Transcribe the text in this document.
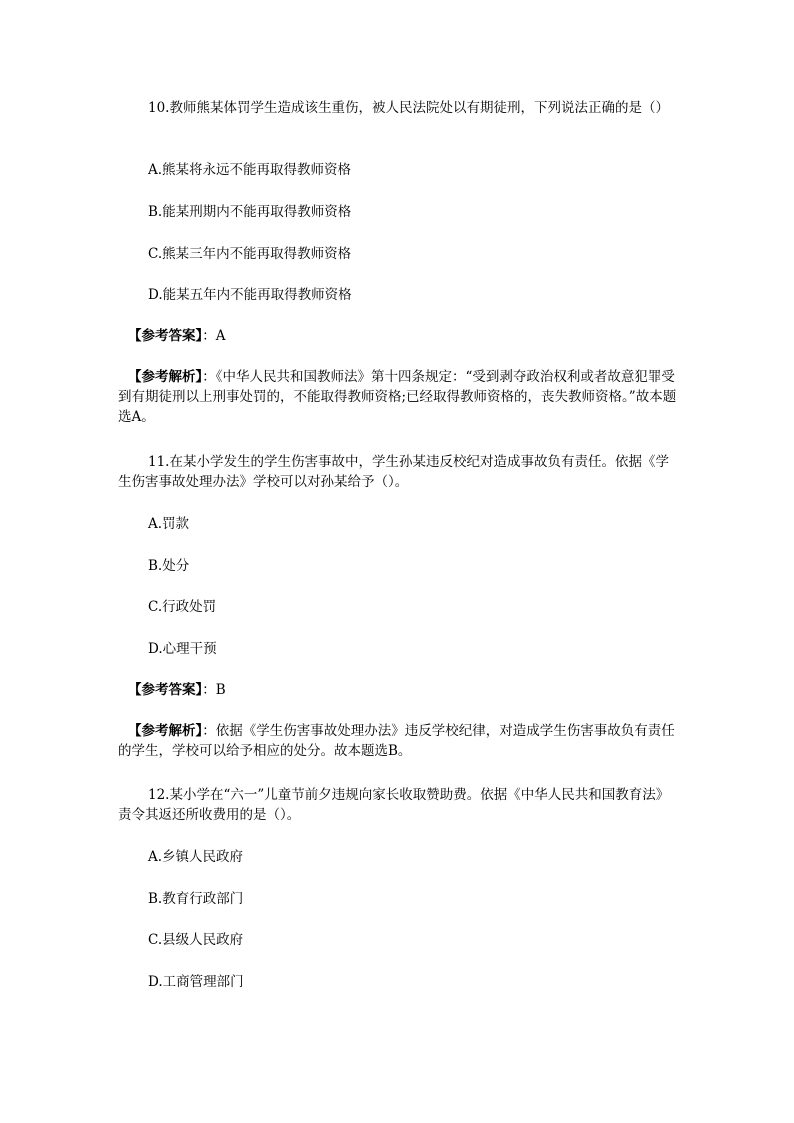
10.教师熊某体罚学生造成该生重伤，被人民法院处以有期徒刑，下列说法正确的是（）
A.熊某将永远不能再取得教师资格
B.能某刑期内不能再取得教师资格
C.熊某三年内不能再取得教师资格
D.能某五年内不能再取得教师资格
【参考答案】：A
【参考解析】：《中华人民共和国教师法》第十四条规定：“受到剥夺政治权利或者故意犯罪受到有期徒刑以上刑事处罚的，不能取得教师资格;已经取得教师资格的，丧失教师资格。”故本题选A。
11.在某小学发生的学生伤害事故中，学生孙某违反校纪对造成事故负有责任。依据《学生伤害事故处理办法》学校可以对孙某给予（）。
A.罚款
B.处分
C.行政处罚
D.心理干预
【参考答案】：B
【参考解析】：依据《学生伤害事故处理办法》违反学校纪律，对造成学生伤害事故负有责任的学生，学校可以给予相应的处分。故本题选B。
12.某小学在“六一”儿童节前夕违规向家长收取赞助费。依据《中华人民共和国教育法》责令其返还所收费用的是（）。
A.乡镇人民政府
B.教育行政部门
C.县级人民政府
D.工商管理部门
